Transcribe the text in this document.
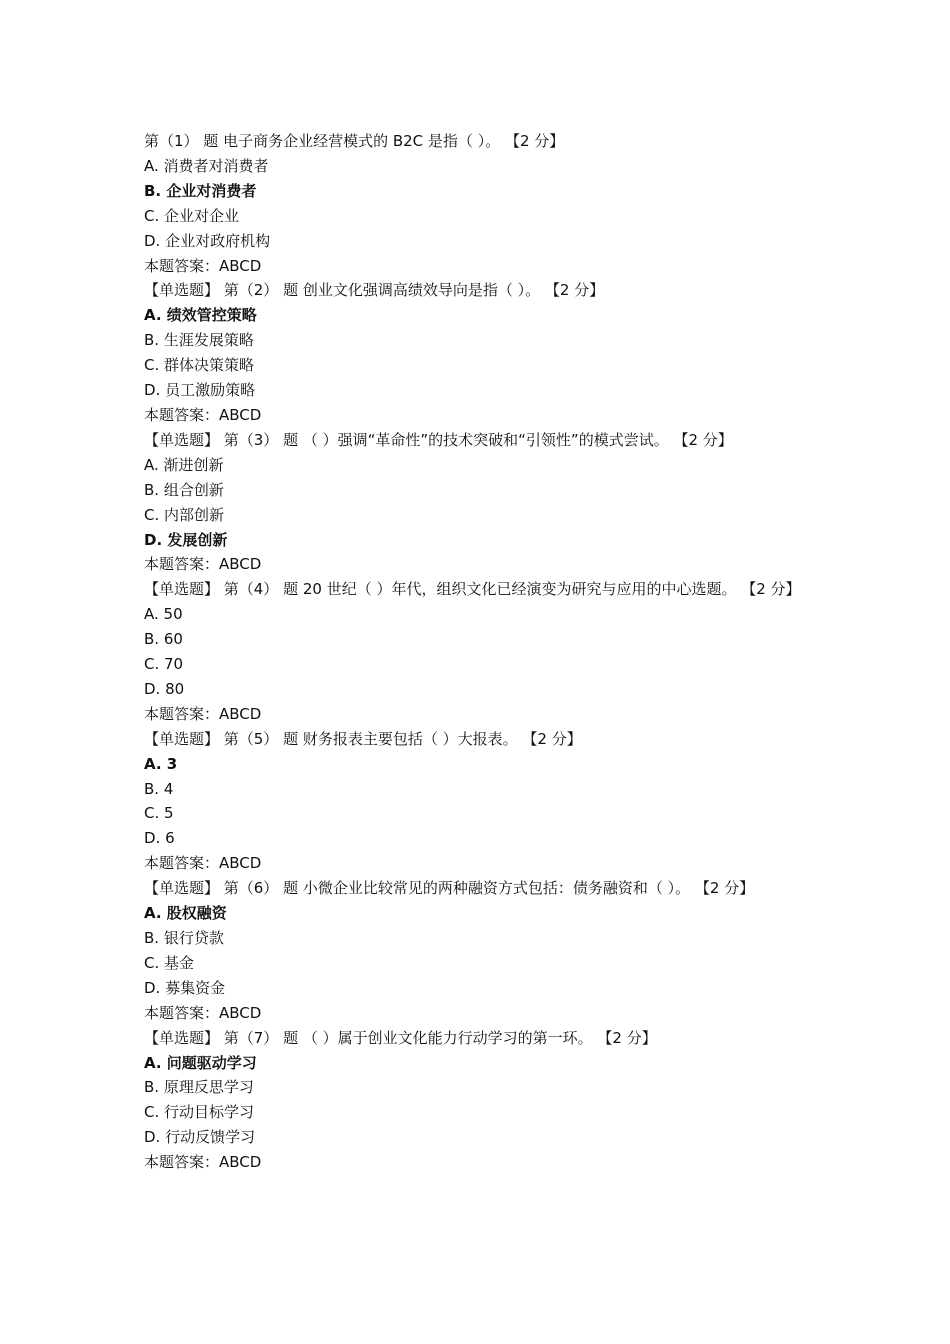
第（1） 题 电子商务企业经营模式的 B2C 是指（ ）。 【2 分】
A. 消费者对消费者
B. 企业对消费者
C. 企业对企业
D. 企业对政府机构
本题答案：ABCD
【单选题】 第（2） 题 创业文化强调高绩效导向是指（ ）。 【2 分】
A. 绩效管控策略
B. 生涯发展策略
C. 群体决策策略
D. 员工激励策略
本题答案：ABCD
【单选题】 第（3） 题 （ ）强调“革命性”的技术突破和“引领性”的模式尝试。 【2 分】
A. 渐进创新
B. 组合创新
C. 内部创新
D. 发展创新
本题答案：ABCD
【单选题】 第（4） 题 20 世纪（ ）年代，组织文化已经演变为研究与应用的中心选题。 【2 分】
A. 50
B. 60
C. 70
D. 80
本题答案：ABCD
【单选题】 第（5） 题 财务报表主要包括（ ）大报表。 【2 分】
A. 3
B. 4
C. 5
D. 6
本题答案：ABCD
【单选题】 第（6） 题 小微企业比较常见的两种融资方式包括：债务融资和（ ）。 【2 分】
A. 股权融资
B. 银行贷款
C. 基金
D. 募集资金
本题答案：ABCD
【单选题】 第（7） 题 （ ）属于创业文化能力行动学习的第一环。 【2 分】
A. 问题驱动学习
B. 原理反思学习
C. 行动目标学习
D. 行动反馈学习
本题答案：ABCD
